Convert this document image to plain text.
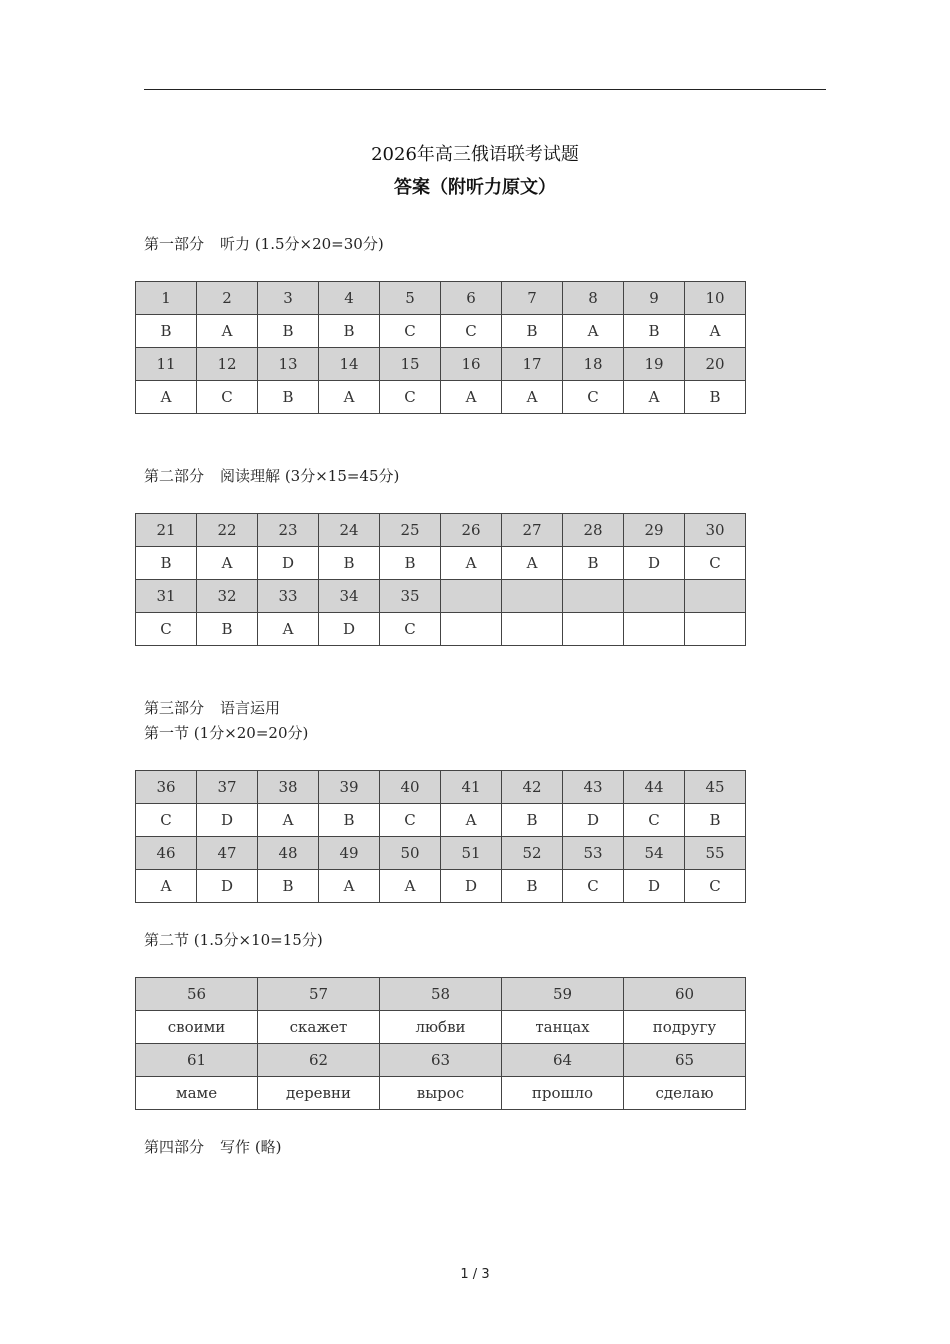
2026年高三俄语联考试题
答案（附听力原文）
第一部分 听力 (1.5分×20=30分)
1	2	3	4	5	6	7	8	9	10
B	A	B	B	C	C	B	A	B	A
11	12	13	14	15	16	17	18	19	20
A	C	B	A	C	A	A	C	A	B
第二部分 阅读理解 (3分×15=45分)
21	22	23	24	25	26	27	28	29	30
B	A	D	B	B	A	A	B	D	C
31	32	33	34	35					
C	B	A	D	C					
第三部分 语言运用
第一节 (1分×20=20分)
36	37	38	39	40	41	42	43	44	45
C	D	A	B	C	A	B	D	C	B
46	47	48	49	50	51	52	53	54	55
A	D	B	A	A	D	B	C	D	C
第二节 (1.5分×10=15分)
56	57	58	59	60
своими	скажет	любви	танцах	подругу
61	62	63	64	65
маме	деревни	вырос	прошло	сделаю
第四部分 写作 (略)
1 / 3
